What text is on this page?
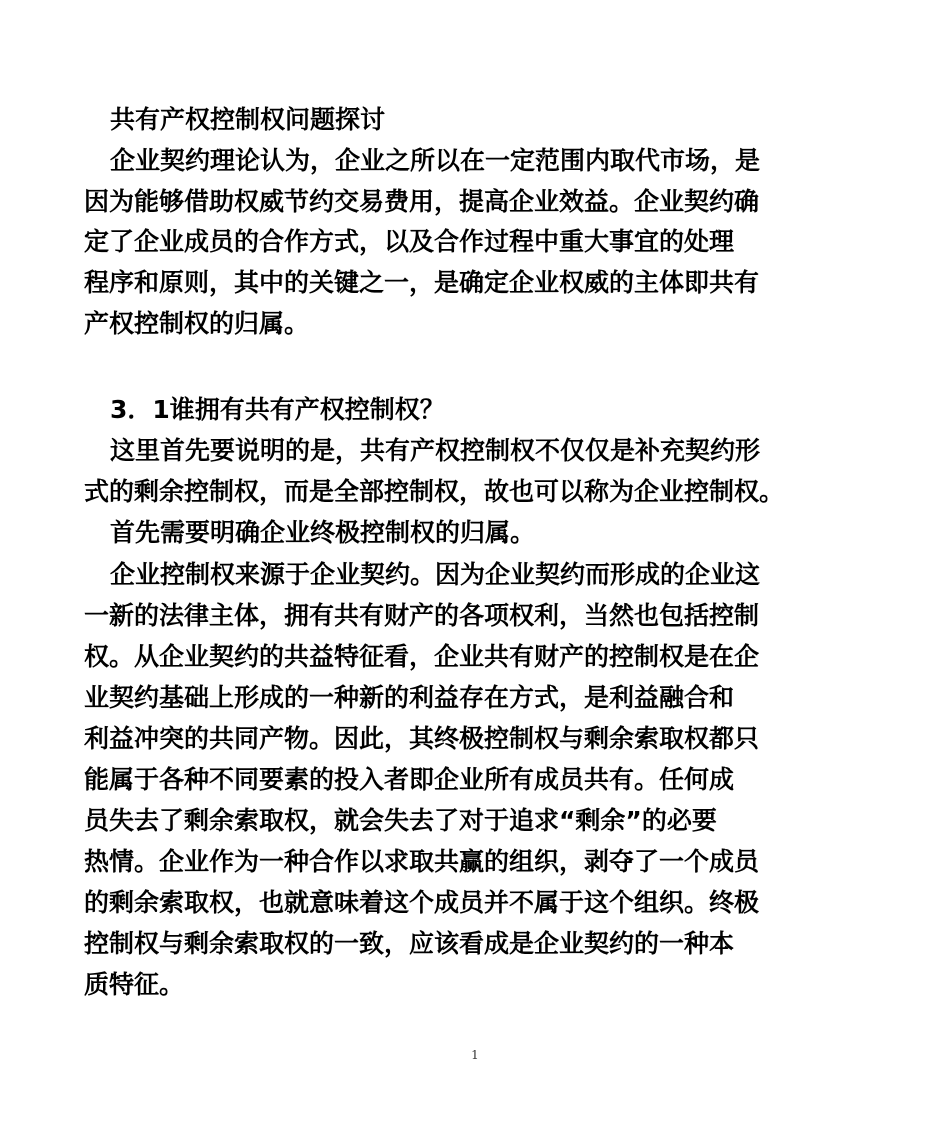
共有产权控制权问题探讨
企业契约理论认为，企业之所以在一定范围内取代市场，是
因为能够借助权威节约交易费用，提高企业效益。企业契约确
定了企业成员的合作方式，以及合作过程中重大事宜的处理
程序和原则，其中的关键之一，是确定企业权威的主体即共有
产权控制权的归属。
3．1谁拥有共有产权控制权？
这里首先要说明的是，共有产权控制权不仅仅是补充契约形
式的剩余控制权，而是全部控制权，故也可以称为企业控制权。
首先需要明确企业终极控制权的归属。
企业控制权来源于企业契约。因为企业契约而形成的企业这
一新的法律主体，拥有共有财产的各项权利，当然也包括控制
权。从企业契约的共益特征看，企业共有财产的控制权是在企
业契约基础上形成的一种新的利益存在方式，是利益融合和
利益冲突的共同产物。因此，其终极控制权与剩余索取权都只
能属于各种不同要素的投入者即企业所有成员共有。任何成
员失去了剩余索取权，就会失去了对于追求“剩余”的必要
热情。企业作为一种合作以求取共赢的组织，剥夺了一个成员
的剩余索取权，也就意味着这个成员并不属于这个组织。终极
控制权与剩余索取权的一致，应该看成是企业契约的一种本
质特征。
1
